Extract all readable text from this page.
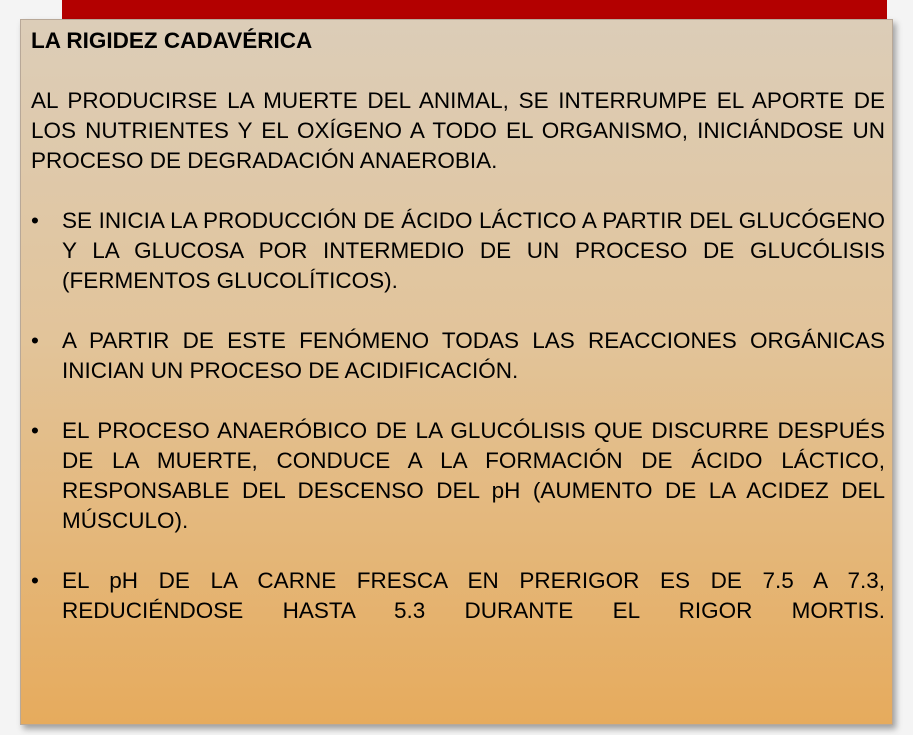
LA RIGIDEZ CADAVÉRICA

AL PRODUCIRSE LA MUERTE DEL ANIMAL, SE INTERRUMPE EL APORTE DE LOS NUTRIENTES Y EL OXÍGENO A TODO EL ORGANISMO, INICIÁNDOSE UN PROCESO DE DEGRADACIÓN ANAEROBIA.

•	SE INICIA LA PRODUCCIÓN DE ÁCIDO LÁCTICO A PARTIR DEL GLUCÓGENO Y LA GLUCOSA POR INTERMEDIO DE UN PROCESO DE GLUCÓLISIS (FERMENTOS GLUCOLÍTICOS).
•	A PARTIR DE ESTE FENÓMENO TODAS LAS REACCIONES ORGÁNICAS INICIAN UN PROCESO DE ACIDIFICACIÓN.
•	EL PROCESO ANAERÓBICO DE LA GLUCÓLISIS QUE DISCURRE DESPUÉS DE LA MUERTE, CONDUCE A LA FORMACIÓN DE ÁCIDO LÁCTICO, RESPONSABLE DEL DESCENSO DEL pH (AUMENTO DE LA ACIDEZ DEL MÚSCULO).
•	EL pH DE LA CARNE FRESCA EN PRERIGOR ES DE 7.5 A 7.3, REDUCIÉNDOSE HASTA 5.3 DURANTE EL RIGOR MORTIS.
